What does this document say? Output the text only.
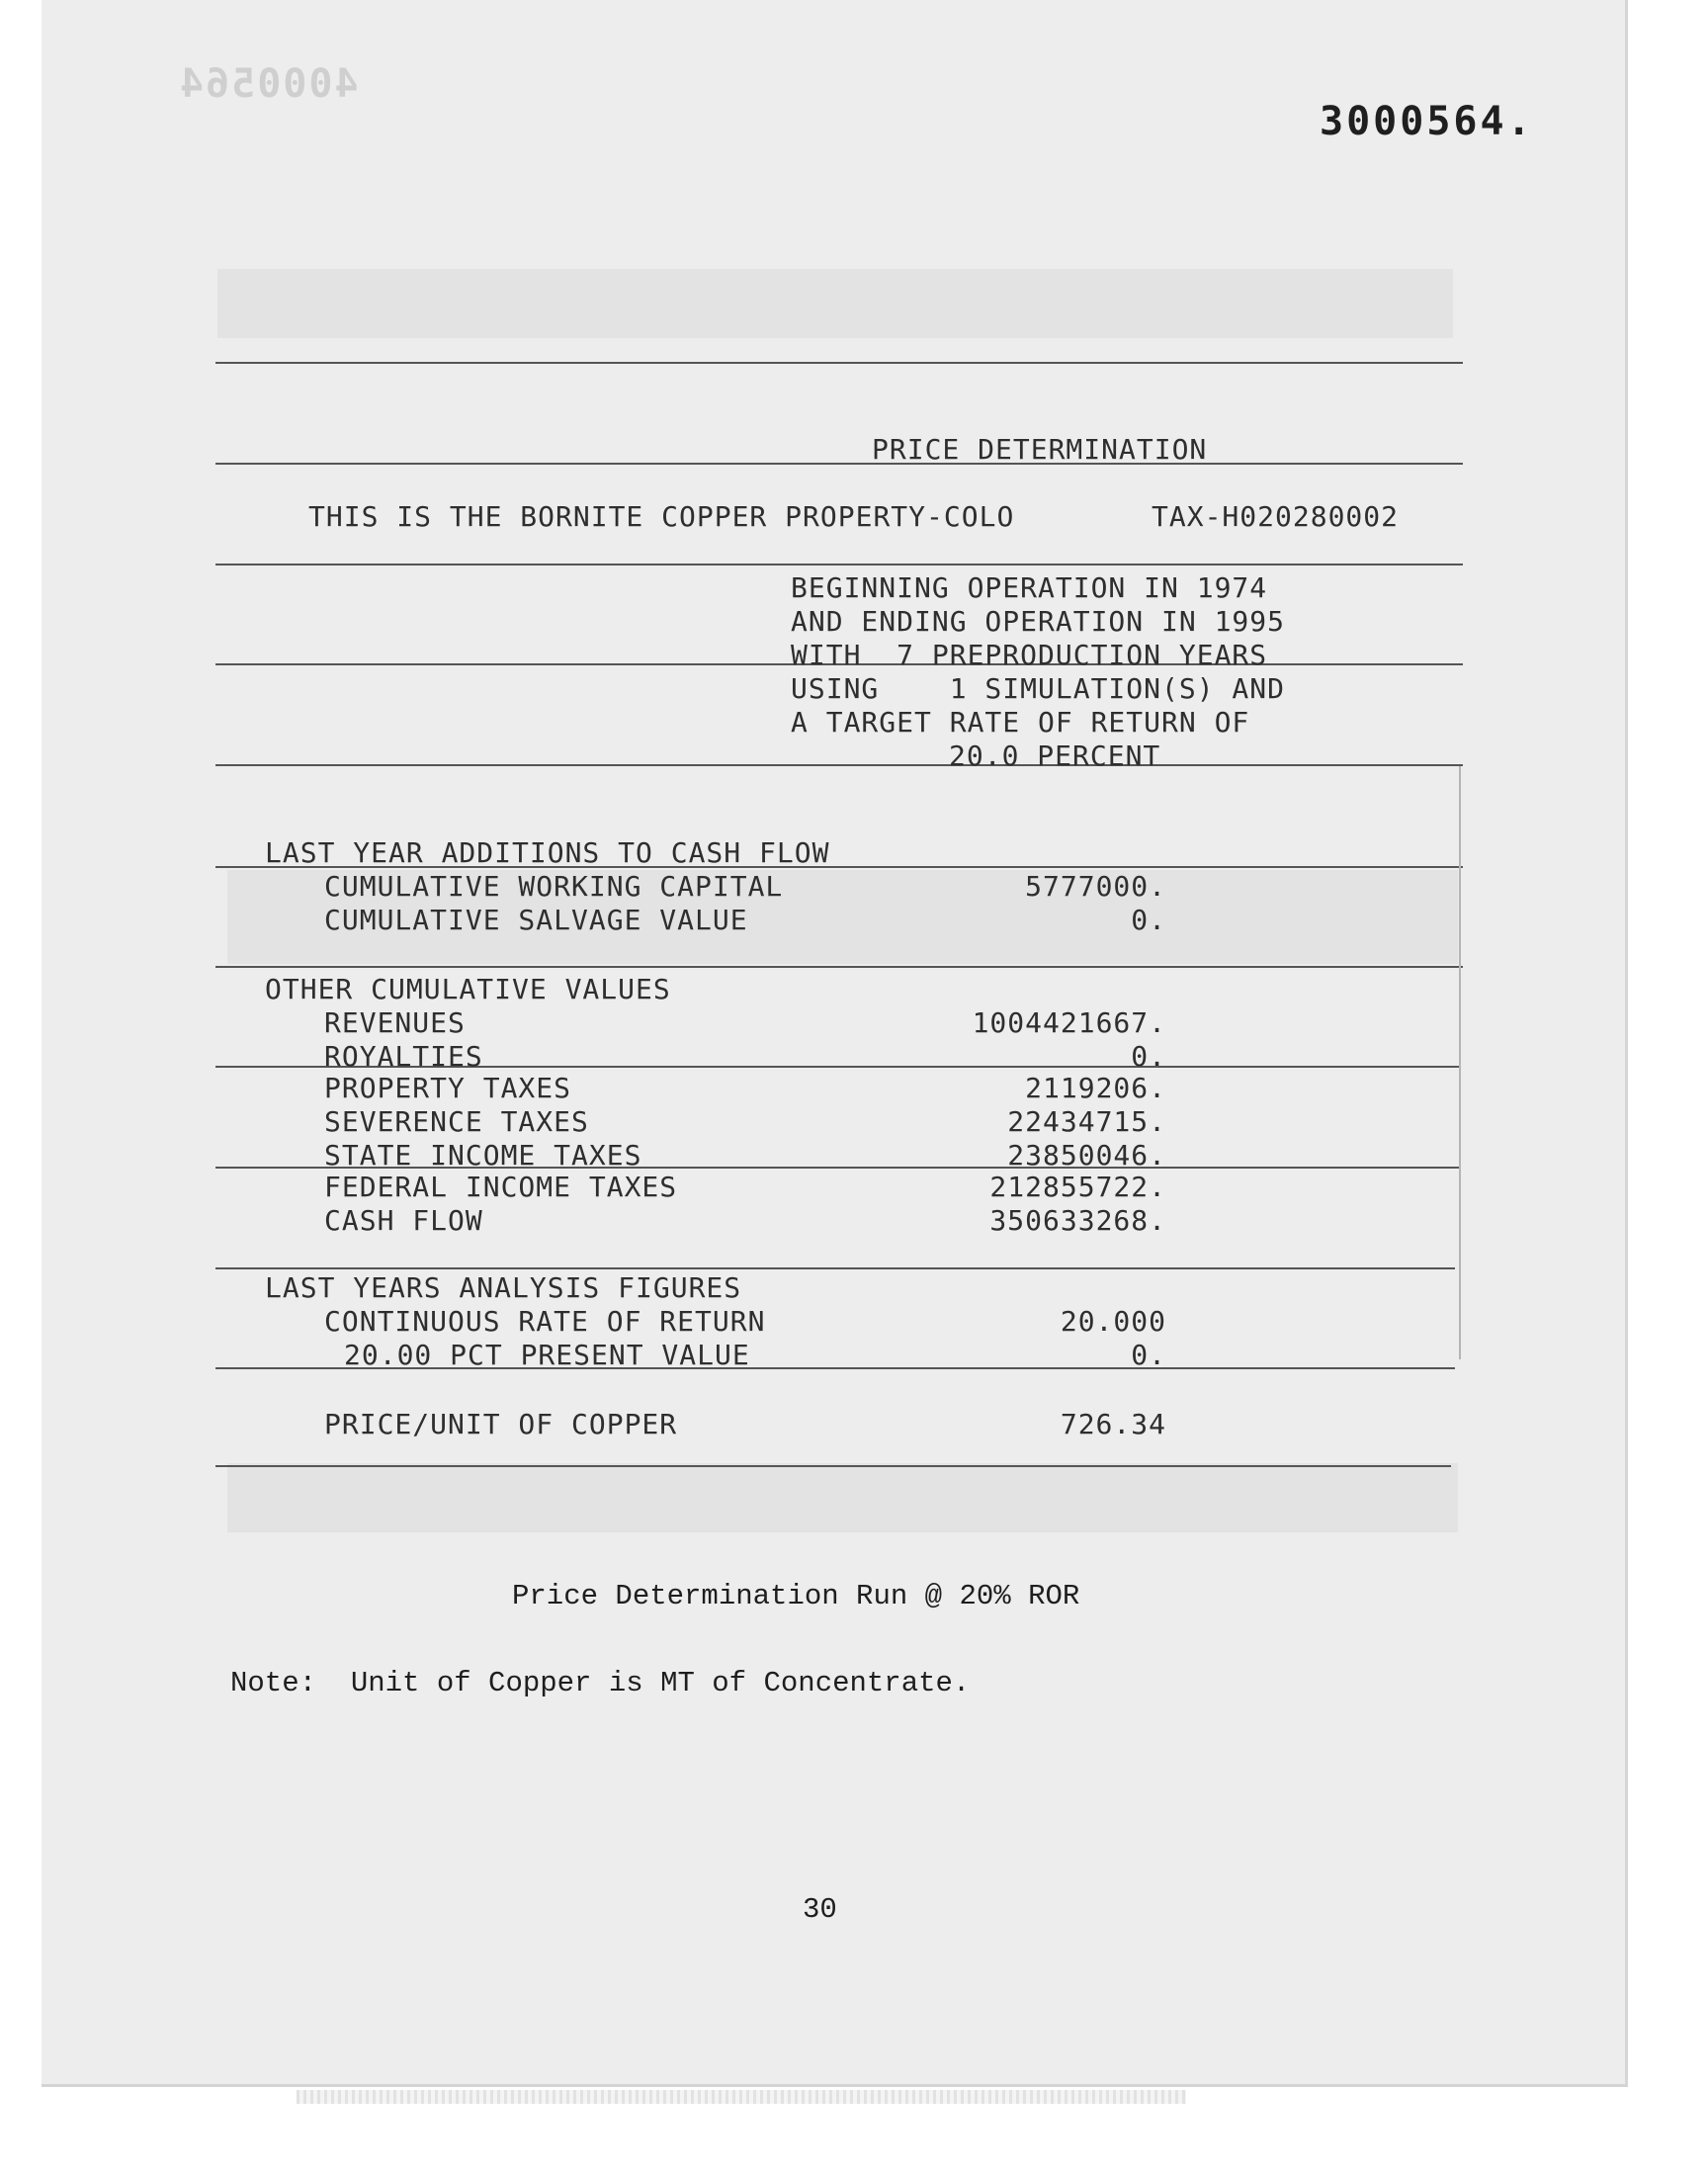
4000564
3000564.
PRICE DETERMINATION
THIS IS THE BORNITE COPPER PROPERTY-COLO	TAX-H020280002
BEGINNING OPERATION IN 1974
AND ENDING OPERATION IN 1995
WITH  7 PREPRODUCTION YEARS
USING    1 SIMULATION(S) AND
A TARGET RATE OF RETURN OF
20.0 PERCENT
LAST YEAR ADDITIONS TO CASH FLOW
CUMULATIVE WORKING CAPITAL	5777000.
CUMULATIVE SALVAGE VALUE	0.
OTHER CUMULATIVE VALUES
REVENUES	1004421667.
ROYALTIES	0.
PROPERTY TAXES	2119206.
SEVERENCE TAXES	22434715.
STATE INCOME TAXES	23850046.
FEDERAL INCOME TAXES	212855722.
CASH FLOW	350633268.
LAST YEARS ANALYSIS FIGURES
CONTINUOUS RATE OF RETURN	20.000
20.00 PCT PRESENT VALUE	0.
PRICE/UNIT OF COPPER	726.34
Price Determination Run @ 20% ROR
Note:  Unit of Copper is MT of Concentrate.
30
